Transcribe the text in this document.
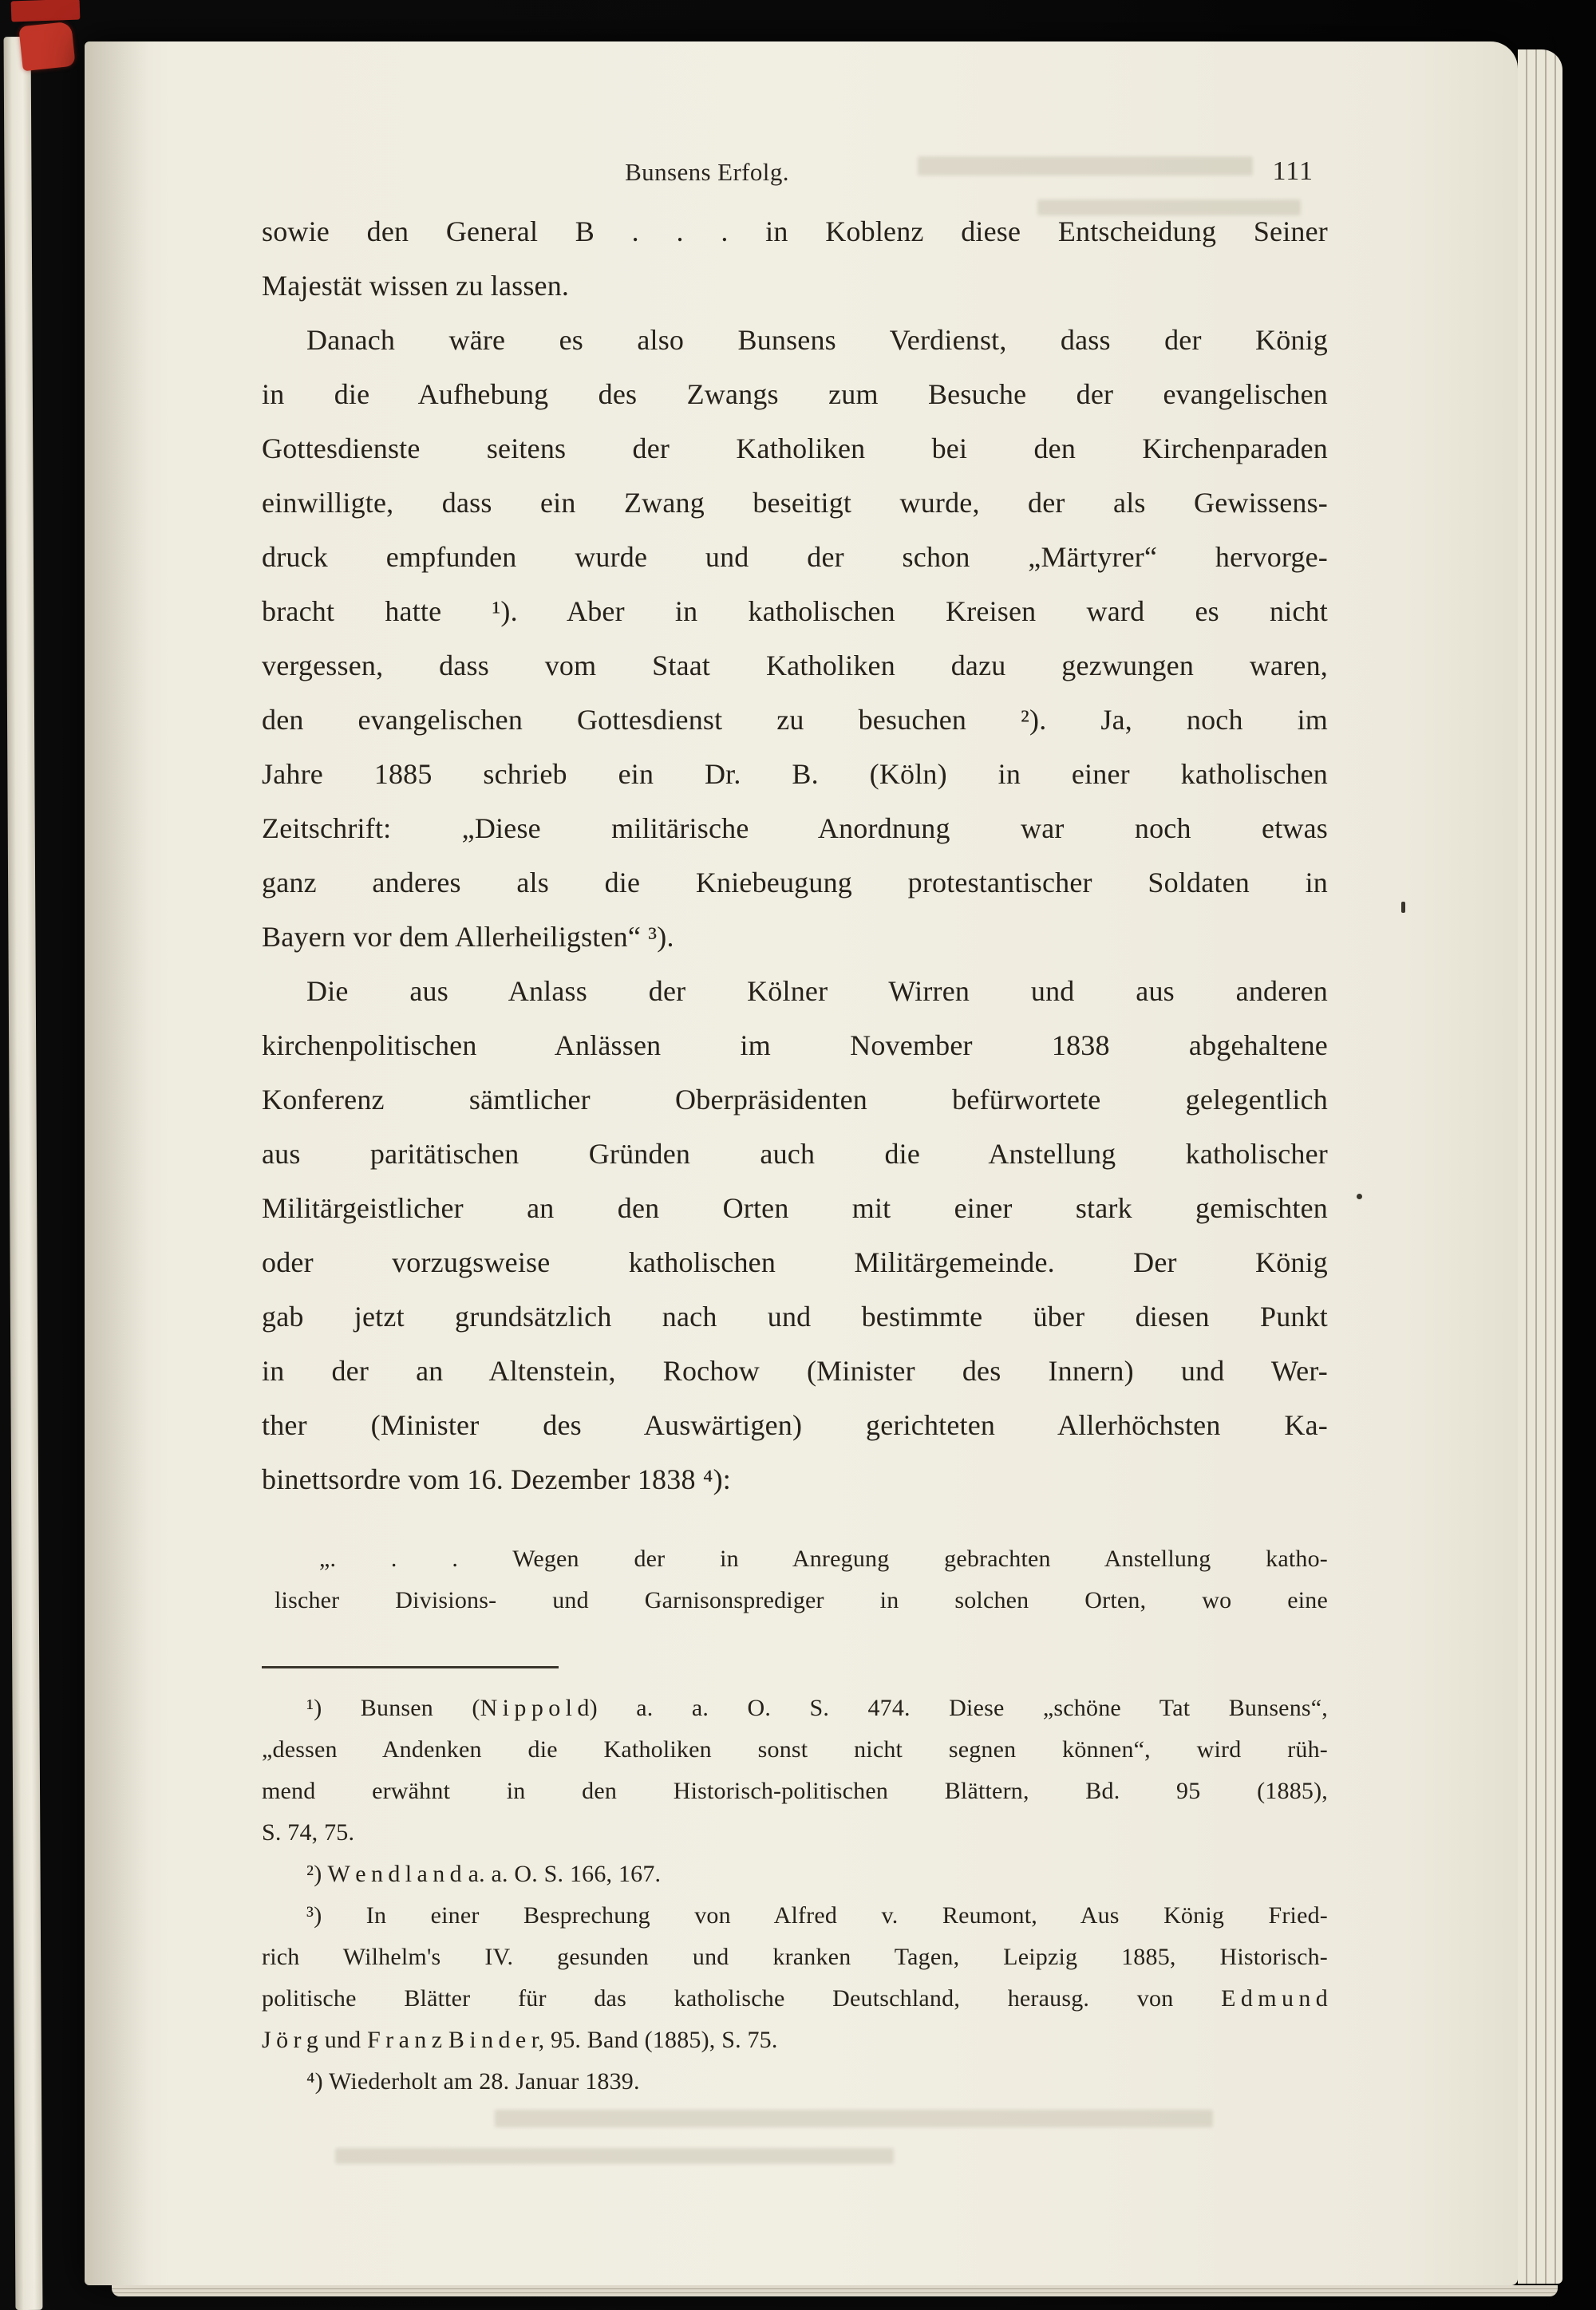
Bunsens Erfolg.	111
sowie den General B . . . in Koblenz diese Entscheidung Seiner
Majestät wissen zu lassen.
Danach wäre es also Bunsens Verdienst, dass der König
in die Aufhebung des Zwangs zum Besuche der evangelischen
Gottesdienste seitens der Katholiken bei den Kirchenparaden
einwilligte, dass ein Zwang beseitigt wurde, der als Gewissens-
druck empfunden wurde und der schon „Märtyrer“ hervorge-
bracht hatte ¹). Aber in katholischen Kreisen ward es nicht
vergessen, dass vom Staat Katholiken dazu gezwungen waren,
den evangelischen Gottesdienst zu besuchen ²). Ja, noch im
Jahre 1885 schrieb ein Dr. B. (Köln) in einer katholischen
Zeitschrift: „Diese militärische Anordnung war noch etwas
ganz anderes als die Kniebeugung protestantischer Soldaten in
Bayern vor dem Allerheiligsten“ ³).
Die aus Anlass der Kölner Wirren und aus anderen
kirchenpolitischen Anlässen im November 1838 abgehaltene
Konferenz sämtlicher Oberpräsidenten befürwortete gelegentlich
aus paritätischen Gründen auch die Anstellung katholischer
Militärgeistlicher an den Orten mit einer stark gemischten
oder vorzugsweise katholischen Militärgemeinde. Der König
gab jetzt grundsätzlich nach und bestimmte über diesen Punkt
in der an Altenstein, Rochow (Minister des Innern) und Wer-
ther (Minister des Auswärtigen) gerichteten Allerhöchsten Ka-
binettsordre vom 16. Dezember 1838 ⁴):
„. . . Wegen der in Anregung gebrachten Anstellung katho-
lischer Divisions- und Garnisonsprediger in solchen Orten, wo eine
¹) Bunsen (N i p p o l d) a. a. O. S. 474. Diese „schöne Tat Bunsens“,
„dessen Andenken die Katholiken sonst nicht segnen können“, wird rüh-
mend erwähnt in den Historisch-politischen Blättern, Bd. 95 (1885),
S. 74, 75.
²) W e n d l a n d a. a. O. S. 166, 167.
³) In einer Besprechung von Alfred v. Reumont, Aus König Fried-
rich Wilhelm's IV. gesunden und kranken Tagen, Leipzig 1885, Historisch-
politische Blätter für das katholische Deutschland, herausg. von E d m u n d
J ö r g und F r a n z B i n d e r, 95. Band (1885), S. 75.
⁴) Wiederholt am 28. Januar 1839.
